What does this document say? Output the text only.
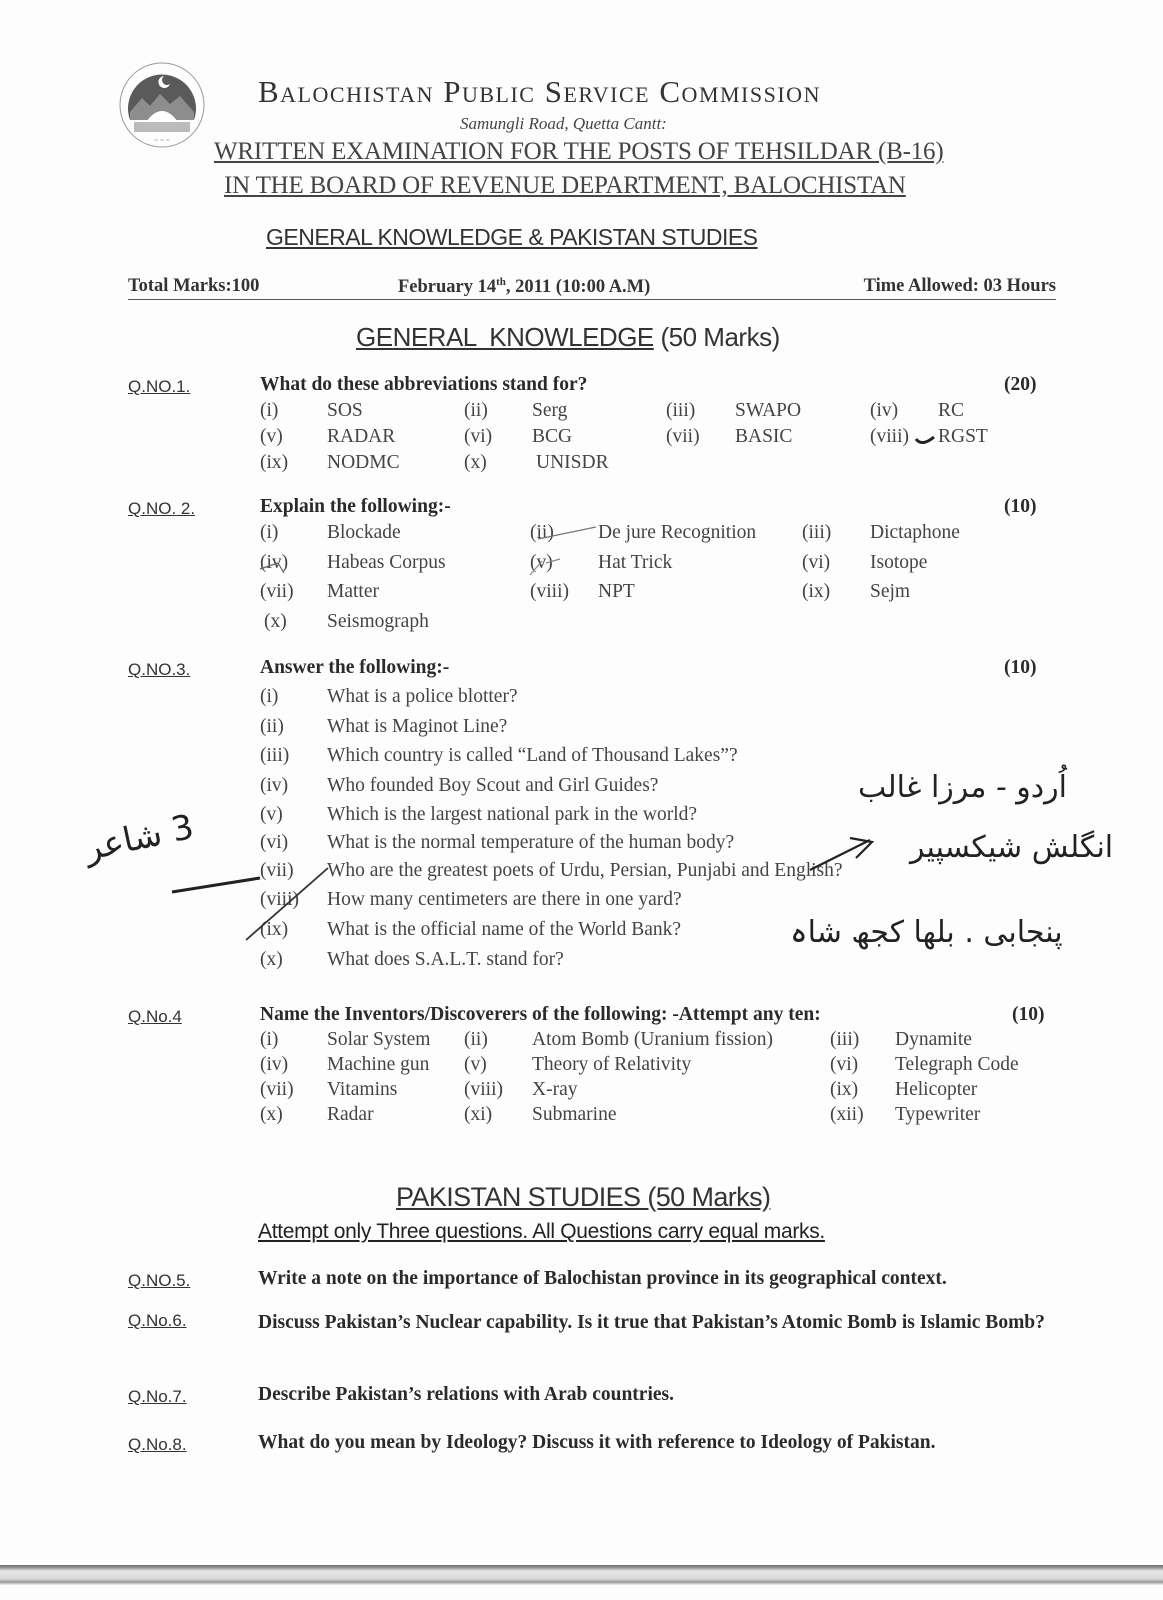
~ ~ ~
Balochistan Public Service Commission
Samungli Road, Quetta Cantt:
WRITTEN EXAMINATION FOR THE POSTS OF TEHSILDAR (B-16)
IN THE BOARD OF REVENUE DEPARTMENT, BALOCHISTAN
GENERAL KNOWLEDGE & PAKISTAN STUDIES
Total Marks:100	February 14th, 2011 (10:00 A.M)	Time Allowed: 03 Hours
GENERAL  KNOWLEDGE (50 Marks)
Q.NO.1.	What do these abbreviations stand for?	(20)
(i) SOS	(ii) Serg	(iii) SWAPO	(iv) RC
(v) RADAR	(vi) BCG	(vii) BASIC	(viii) RGST
(ix) NODMC	(x)	UNISDR
Q.NO. 2.	Explain the following:-	(10)
(i) Blockade	(ii) De jure Recognition (iii) Dictaphone
(iv) Habeas Corpus	(v) Hat Trick	(vi) Isotope
(vii) Matter	(viii) NPT	(ix) Sejm
(x) Seismograph
Q.NO.3.	Answer the following:-	(10)
(i) What is a police blotter?
(ii) What is Maginot Line?
(iii) Which country is called “Land of Thousand Lakes”?
(iv) Who founded Boy Scout and Girl Guides?
(v) Which is the largest national park in the world?
(vi) What is the normal temperature of the human body?
(vii) Who are the greatest poets of Urdu, Persian, Punjabi and English?
(viii) How many centimeters are there in one yard?
(ix) What is the official name of the World Bank?
(x) What does S.A.L.T. stand for?
3 شاعر
اُردو - مرزا غالب
انگلش شیکسپیر
پنجابی . بلھا کجھ شاہ
Q.No.4	Name the Inventors/Discoverers of the following: -Attempt any ten:	(10)
(i) Solar System (ii) Atom Bomb (Uranium fission)	(iii) Dynamite
(iv) Machine gun (v) Theory of Relativity	(vi) Telegraph Code
(vii) Vitamins	(viii) X-ray	(ix) Helicopter
(x) Radar	(xi) Submarine	(xii) Typewriter
PAKISTAN STUDIES (50 Marks)
Attempt only Three questions. All Questions carry equal marks.
Q.NO.5.	Write a note on the importance of Balochistan province in its geographical context.
Q.No.6.	Discuss Pakistan’s Nuclear capability. Is it true that Pakistan’s Atomic Bomb is Islamic Bomb?
Q.No.7.	Describe Pakistan’s relations with Arab countries.
Q.No.8.	What do you mean by Ideology? Discuss it with reference to Ideology of Pakistan.
